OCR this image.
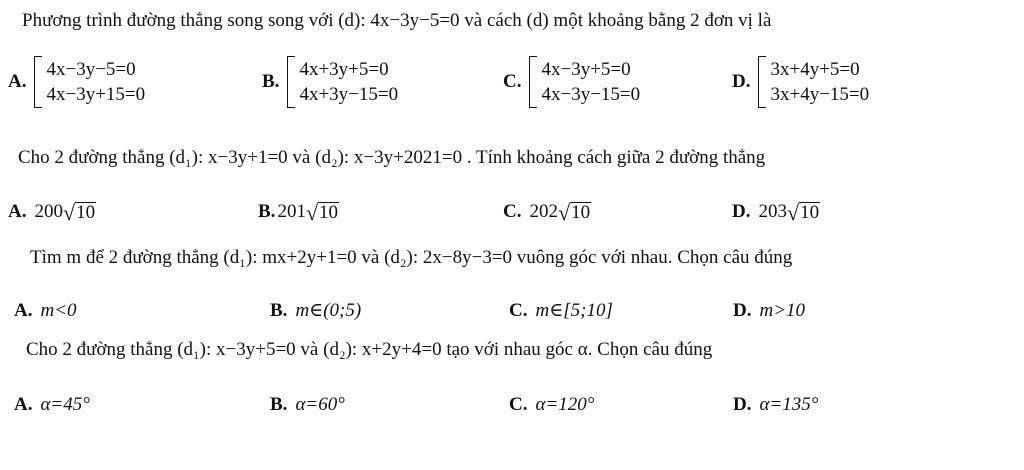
Phương trình đường thẳng song song với (d): 4x−3y−5=0 và cách (d) một khoảng bằng 2 đơn vị là
A.
4x−3y−5=0
4x−3y+15=0
B.
4x+3y+5=0
4x+3y−15=0
C.
4x−3y+5=0
4x−3y−15=0
D.
3x+4y+5=0
3x+4y−15=0
Cho 2 đường thẳng (d₁): x−3y+1=0 và (d₂): x−3y+2021=0 . Tính khoảng cách giữa 2 đường thẳng
A. 200 √ 10	B. 201 √ 10	C. 202 √ 10	D. 203 √ 10
Tìm m để 2 đường thẳng (d₁): mx+2y+1=0 và (d₂): 2x−8y−3=0 vuông góc với nhau. Chọn câu đúng
A. m<0	B. m∈(0;5)	C. m∈[5;10]	D. m>10
Cho 2 đường thẳng (d₁): x−3y+5=0 và (d₂): x+2y+4=0 tạo với nhau góc α. Chọn câu đúng
A. α=45°	B. α=60°	C. α=120°	D. α=135°
